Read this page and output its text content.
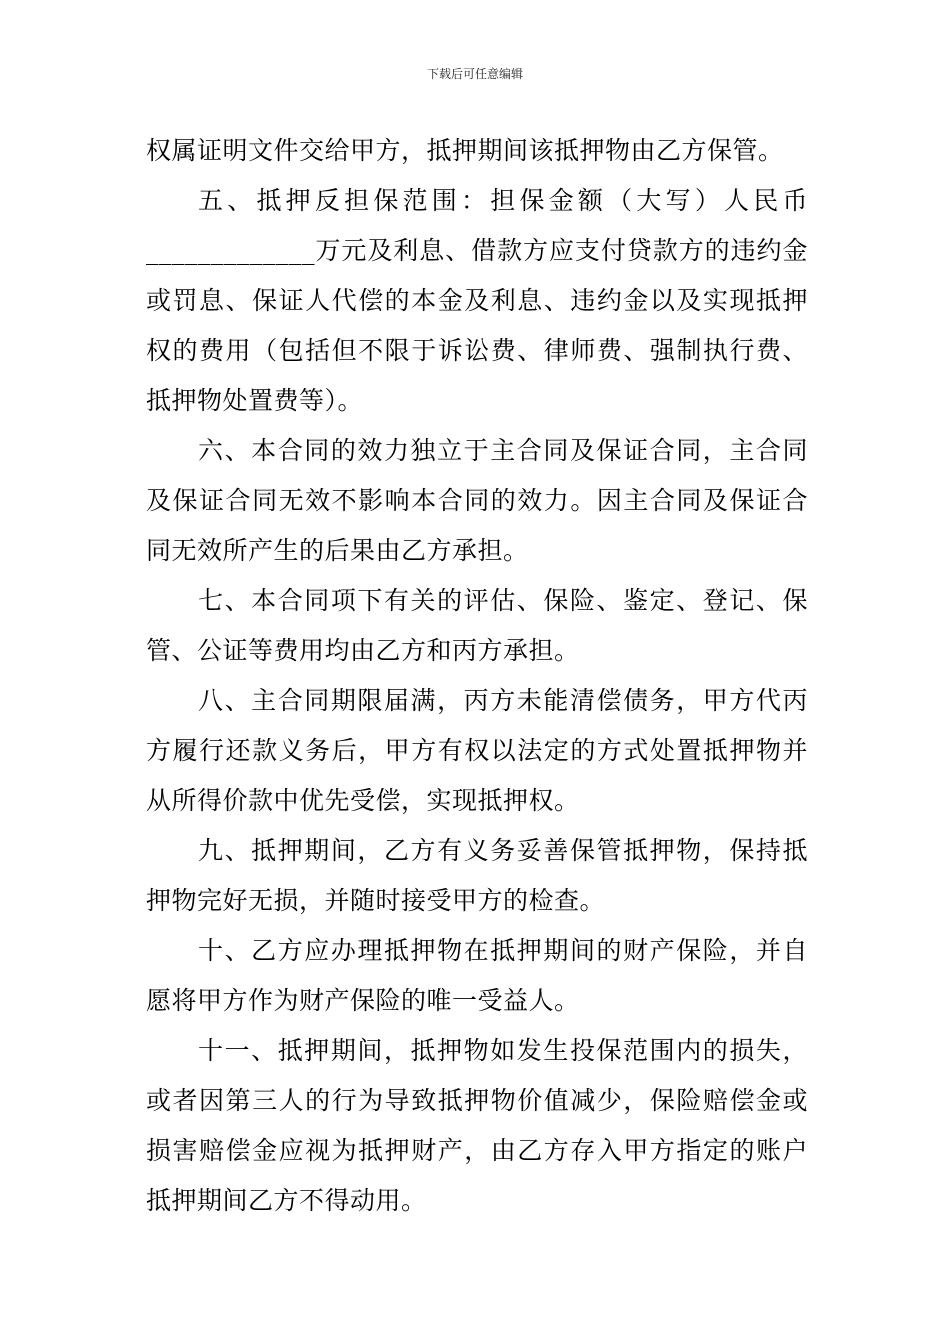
下载后可任意编辑

权属证明文件交给甲方，抵押期间该抵押物由乙方保管。

五、抵押反担保范围：担保金额（大写）人民币_____________万元及利息、借款方应支付贷款方的违约金或罚息、保证人代偿的本金及利息、违约金以及实现抵押权的费用（包括但不限于诉讼费、律师费、强制执行费、抵押物处置费等）。

六、本合同的效力独立于主合同及保证合同，主合同及保证合同无效不影响本合同的效力。因主合同及保证合同无效所产生的后果由乙方承担。

七、本合同项下有关的评估、保险、鉴定、登记、保管、公证等费用均由乙方和丙方承担。

八、主合同期限届满，丙方未能清偿债务，甲方代丙方履行还款义务后，甲方有权以法定的方式处置抵押物并从所得价款中优先受偿，实现抵押权。

九、抵押期间，乙方有义务妥善保管抵押物，保持抵押物完好无损，并随时接受甲方的检查。

十、乙方应办理抵押物在抵押期间的财产保险，并自愿将甲方作为财产保险的唯一受益人。

十一、抵押期间，抵押物如发生投保范围内的损失，或者因第三人的行为导致抵押物价值减少，保险赔偿金或损害赔偿金应视为抵押财产，由乙方存入甲方指定的账户抵押期间乙方不得动用。
